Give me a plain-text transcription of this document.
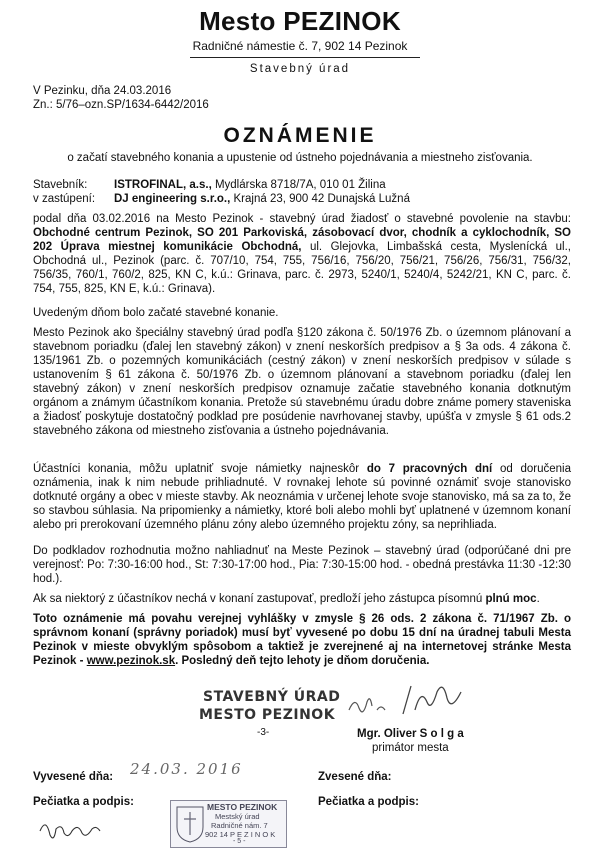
Mesto PEZINOK
Radničné námestie č. 7, 902 14 Pezinok
Stavebný úrad
V Pezinku, dňa 24.03.2016
Zn.: 5/76–ozn.SP/1634-6442/2016
OZNÁMENIE
o začatí stavebného konania a upustenie od ústneho pojednávania a miestneho zisťovania.
Stavebník: ISTROFINAL, a.s., Mydlárska 8718/7A, 010 01 Žilina
v zastúpení: DJ engineering s.r.o., Krajná 23, 900 42 Dunajská Lužná

podal dňa 03.02.2016 na Mesto Pezinok - stavebný úrad žiadosť o stavebné povolenie na stavbu: Obchodné centrum Pezinok, SO 201 Parkoviská, zásobovací dvor, chodník a cyklochodník, SO 202 Úprava miestnej komunikácie Obchodná, ul. Glejovka, Limbašská cesta, Myslenícká ul., Obchodná ul., Pezinok (parc. č. 707/10, 754, 755, 756/16, 756/20, 756/21, 756/26, 756/31, 756/32, 756/35, 760/1, 760/2, 825, KN C, k.ú.: Grinava, parc. č. 2973, 5240/1, 5240/4, 5242/21, KN C, parc. č. 754, 755, 825, KN E, k.ú.: Grinava).

Uvedeným dňom bolo začaté stavebné konanie.

Mesto Pezinok ako špeciálny stavebný úrad podľa §120 zákona č. 50/1976 Zb. o územnom plánovaní a stavebnom poriadku (ďalej len stavebný zákon) v znení neskorších predpisov a § 3a ods. 4 zákona č. 135/1961 Zb. o pozemných komunikáciách (cestný zákon) v znení neskorších predpisov v súlade s ustanovením § 61 zákona č. 50/1976 Zb. o územnom plánovaní a stavebnom poriadku (ďalej len stavebný zákon) v znení neskorších predpisov oznamuje začatie stavebného konania dotknutým orgánom a známym účastníkom konania. Pretože sú stavebnému úradu dobre známe pomery staveniska a žiadosť poskytuje dostatočný podklad pre posúdenie navrhovanej stavby, upúšťa v zmysle § 61 ods.2 stavebného zákona od miestneho zisťovania a ústneho pojednávania.

Účastníci konania, môžu uplatniť svoje námietky najneskôr do 7 pracovných dní od doručenia oznámenia, inak k nim nebude prihliadnuté. V rovnakej lehote sú povinné oznámiť svoje stanovisko dotknuté orgány a obec v mieste stavby. Ak neoznámia v určenej lehote svoje stanovisko, má sa za to, že so stavbou súhlasia. Na pripomienky a námietky, ktoré boli alebo mohli byť uplatnené v územnom konaní alebo pri prerokovaní územného plánu zóny alebo územného projektu zóny, sa neprihliada.

Do podkladov rozhodnutia možno nahliadnuť na Meste Pezinok – stavebný úrad (odporúčané dni pre verejnosť: Po: 7:30-16:00 hod., St: 7:30-17:00 hod., Pia: 7:30-15:00 hod. - obedná prestávka 11:30 -12:30 hod.).

Ak sa niektorý z účastníkov nechá v konaní zastupovať, predloží jeho zástupca písomnú plnú moc.

Toto oznámenie má povahu verejnej vyhlášky v zmysle § 26 ods. 2 zákona č. 71/1967 Zb. o správnom konaní (správny poriadok) musí byť vyvesené po dobu 15 dní na úradnej tabuli Mesta Pezinok v mieste obvyklým spôsobom a taktiež je zverejnené aj na internetovej stránke Mesta Pezinok - www.pezinok.sk. Posledný deň tejto lehoty je dňom doručenia.

STAVEBNÝ ÚRAD
MESTO PEZINOK
-3-	Mgr. Oliver S o l g a
primátor mesta
Vyvesené dňa: 24.03. 2016	Zvesené dňa:
Pečiatka a podpis:	Pečiatka a podpis:
MESTO PEZINOK
Mestský úrad
Radničné nám. 7
902 14 P E Z I N O K
- 5 -
